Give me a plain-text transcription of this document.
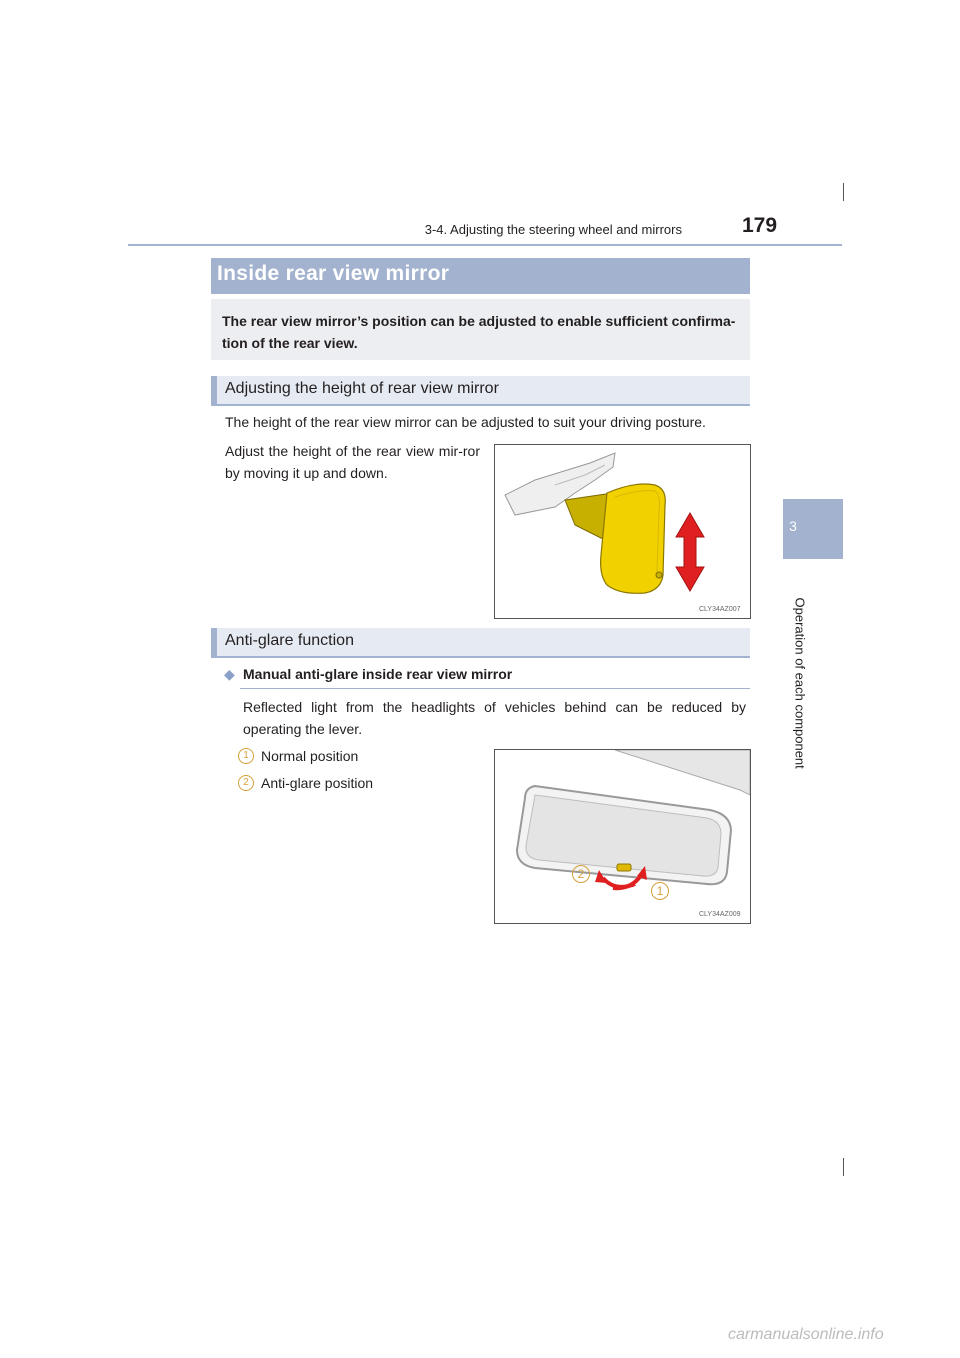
3-4. Adjusting the steering wheel and mirrors	179
3
Operation of each component
Inside rear view mirror
The rear view mirror’s position can be adjusted to enable sufficient confirma-tion of the rear view.
Adjusting the height of rear view mirror
The height of the rear view mirror can be adjusted to suit your driving posture.
Adjust the height of the rear view mir-ror by moving it up and down.
CLY34AZ007
Anti-glare function
◆ Manual anti-glare inside rear view mirror
Reflected light from the headlights of vehicles behind can be reduced by operating the lever.
1 Normal position
2 Anti-glare position
2
1
CLY34AZ009
carmanualsonline.info
